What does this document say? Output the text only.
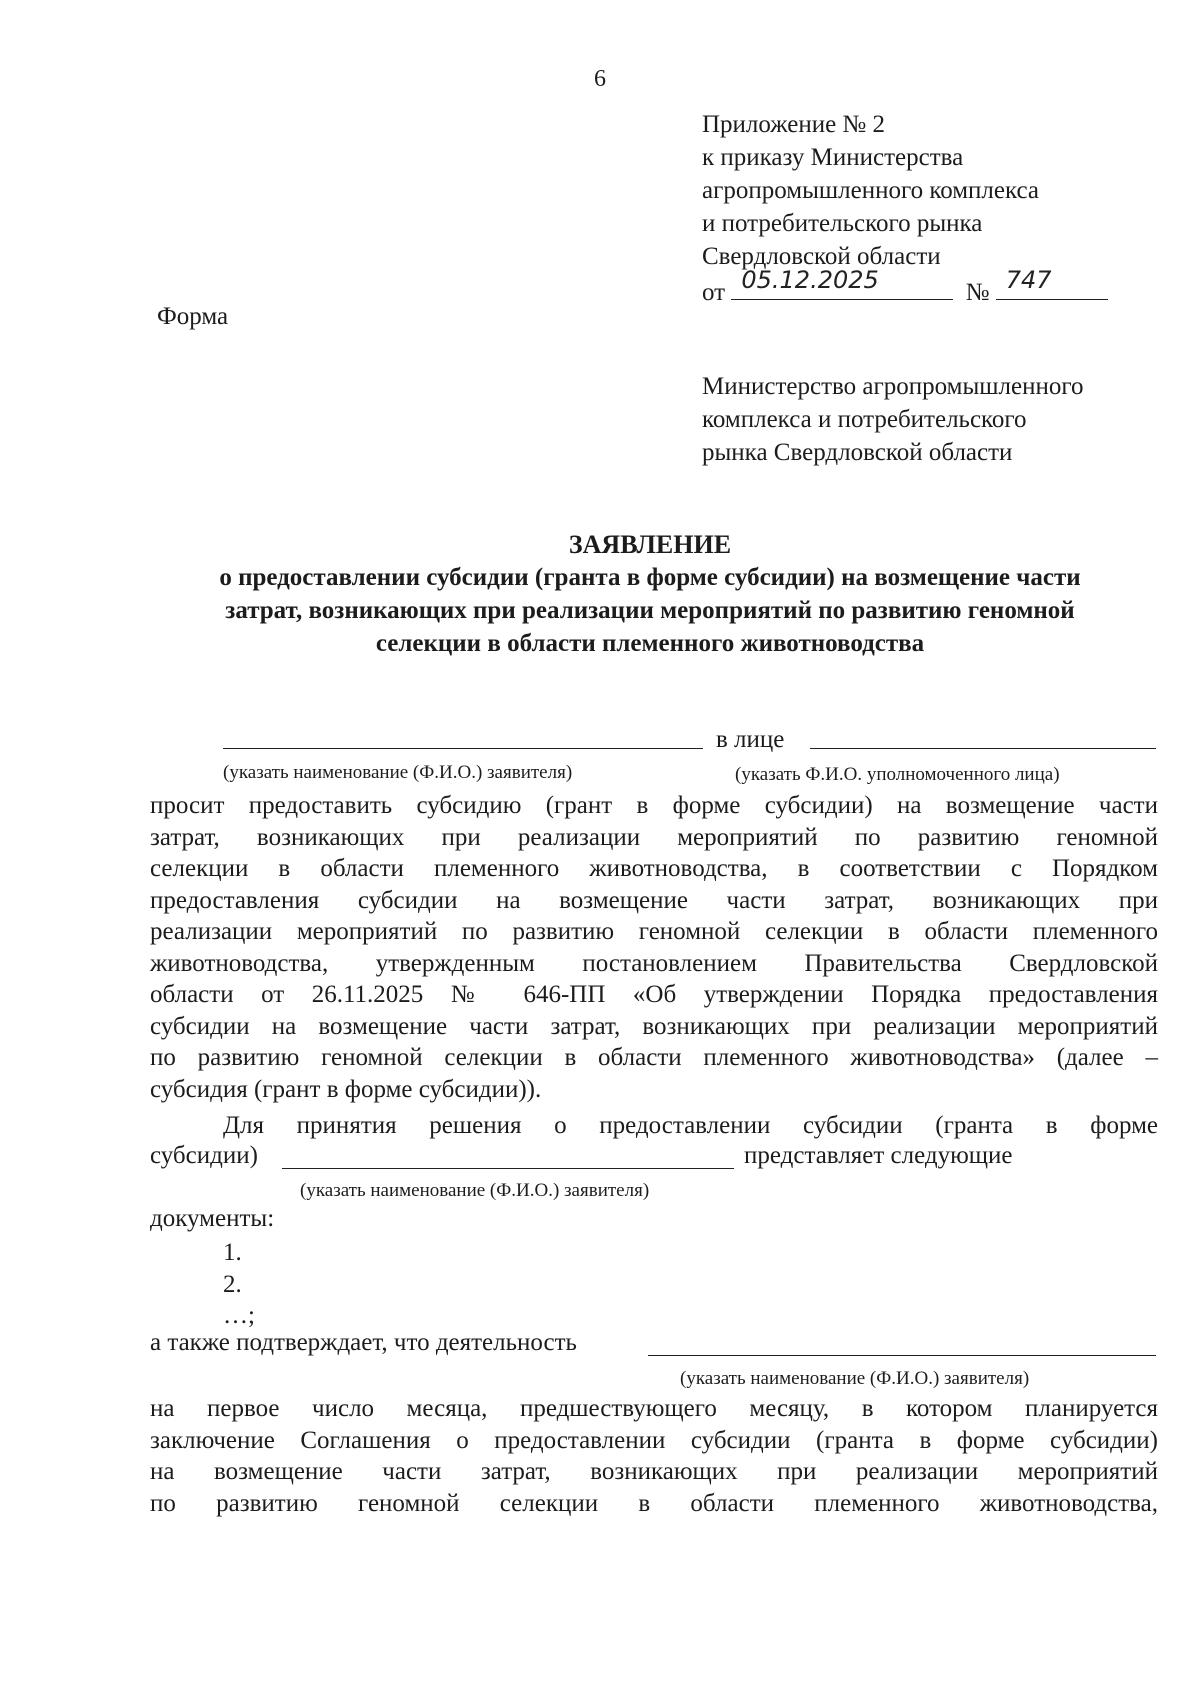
6
Приложение № 2
к приказу Министерства
агропромышленного комплекса
и потребительского рынка
Свердловской области
от 05.12.2025	№ 747
Форма
Министерство агропромышленного
комплекса и потребительского
рынка Свердловской области
ЗАЯВЛЕНИЕ
о предоставлении субсидии (гранта в форме субсидии) на возмещение части
затрат, возникающих при реализации мероприятий по развитию геномной
селекции в области племенного животноводства
в лице
(указать наименование (Ф.И.О.) заявителя)	(указать Ф.И.О. уполномоченного лица)
просит предоставить субсидию (грант в форме субсидии) на возмещение части
затрат, возникающих при реализации мероприятий по развитию геномной
селекции в области племенного животноводства, в соответствии с Порядком
предоставления субсидии на возмещение части затрат, возникающих при
реализации мероприятий по развитию геномной селекции в области племенного
животноводства, утвержденным постановлением Правительства Свердловской
области от 26.11.2025 № 646-ПП «Об утверждении Порядка предоставления
субсидии на возмещение части затрат, возникающих при реализации мероприятий
по развитию геномной селекции в области племенного животноводства» (далее –
субсидия (грант в форме субсидии)).
Для принятия решения о предоставлении субсидии (гранта в форме
субсидии)	представляет следующие
(указать наименование (Ф.И.О.) заявителя)
документы:
1.
2.
…;
а также подтверждает, что деятельность
(указать наименование (Ф.И.О.) заявителя)
на первое число месяца, предшествующего месяцу, в котором планируется
заключение Соглашения о предоставлении субсидии (гранта в форме субсидии)
на возмещение части затрат, возникающих при реализации мероприятий
по развитию геномной селекции в области племенного животноводства,
